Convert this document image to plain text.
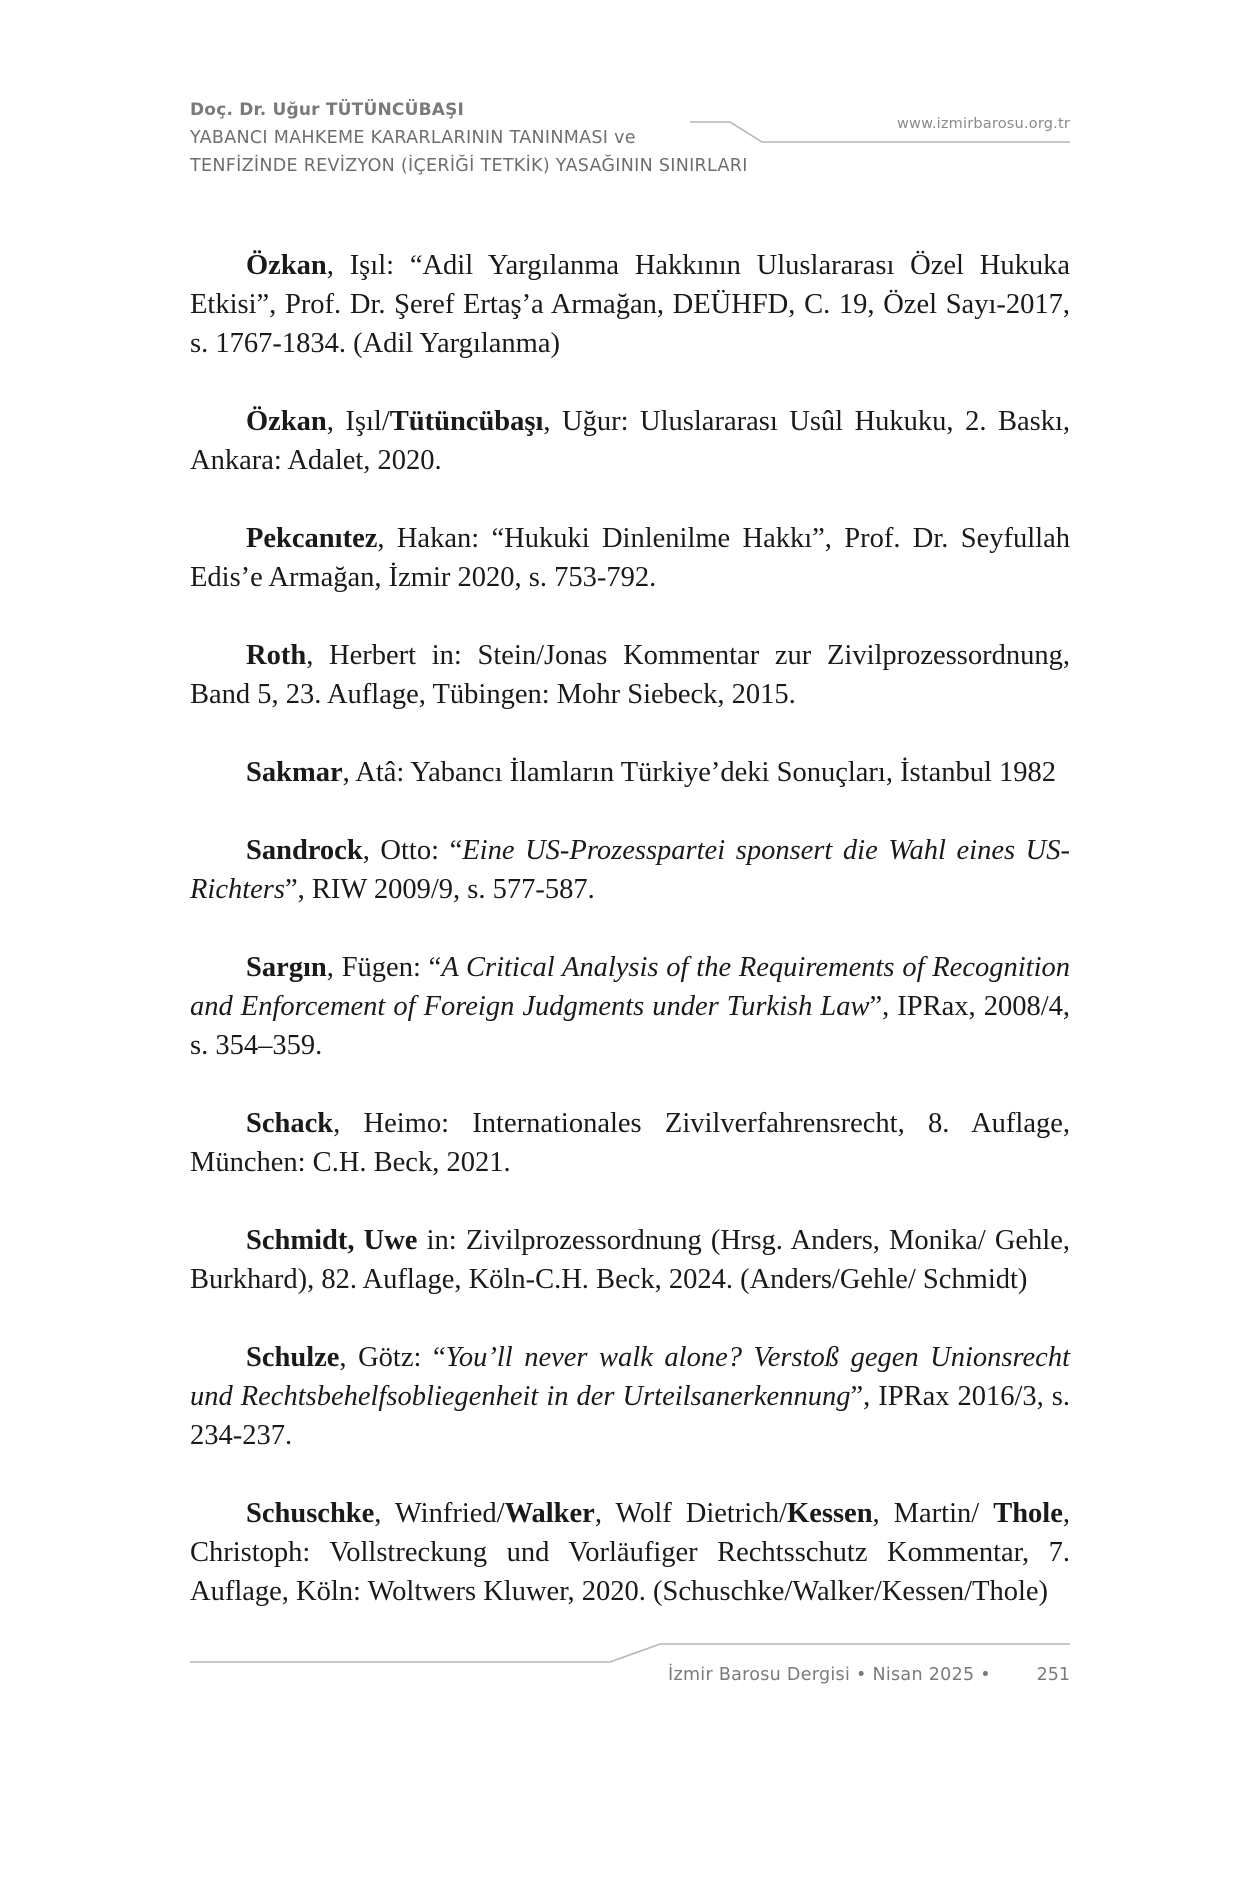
Doç. Dr. Uğur TÜTÜNCÜBAŞI
YABANCI MAHKEME KARARLARININ TANINMASI ve
TENFİZİNDE REVİZYON (İÇERİĞİ TETKİK) YASAĞININ SINIRLARI
www.izmirbarosu.org.tr

Özkan, Işıl: “Adil Yargılanma Hakkının Uluslararası Özel Hukuka Etkisi”, Prof. Dr. Şeref Ertaş’a Armağan, DEÜHFD, C. 19, Özel Sayı-2017, s. 1767-1834. (Adil Yargılanma)

Özkan, Işıl/Tütüncübaşı, Uğur: Uluslararası Usûl Hukuku, 2. Baskı, Ankara: Adalet, 2020.

Pekcanıtez, Hakan: “Hukuki Dinlenilme Hakkı”, Prof. Dr. Seyfullah Edis’e Armağan, İzmir 2020, s. 753-792.

Roth, Herbert in: Stein/Jonas Kommentar zur Zivilprozessordnung, Band 5, 23. Auflage, Tübingen: Mohr Siebeck, 2015.

Sakmar, Atâ: Yabancı İlamların Türkiye’deki Sonuçları, İstanbul 1982

Sandrock, Otto: “Eine US-Prozesspartei sponsert die Wahl eines US-Richters”, RIW 2009/9, s. 577-587.

Sargın, Fügen: “A Critical Analysis of the Requirements of Recognition and Enforcement of Foreign Judgments under Turkish Law”, IPRax, 2008/4, s. 354–359.

Schack, Heimo: Internationales Zivilverfahrensrecht, 8. Auflage, München: C.H. Beck, 2021.

Schmidt, Uwe in: Zivilprozessordnung (Hrsg. Anders, Monika/ Gehle, Burkhard), 82. Auflage, Köln-C.H. Beck, 2024. (Anders/Gehle/ Schmidt)

Schulze, Götz: “You’ll never walk alone? Verstoß gegen Unionsrecht und Rechtsbehelfsobliegenheit in der Urteilsanerkennung”, IPRax 2016/3, s. 234-237.

Schuschke, Winfried/Walker, Wolf Dietrich/Kessen, Martin/ Thole, Christoph: Vollstreckung und Vorläufiger Rechtsschutz Kommentar, 7. Auflage, Köln: Woltwers Kluwer, 2020. (Schuschke/Walker/Kessen/Thole)

İzmir Barosu Dergisi • Nisan 2025 •	251
